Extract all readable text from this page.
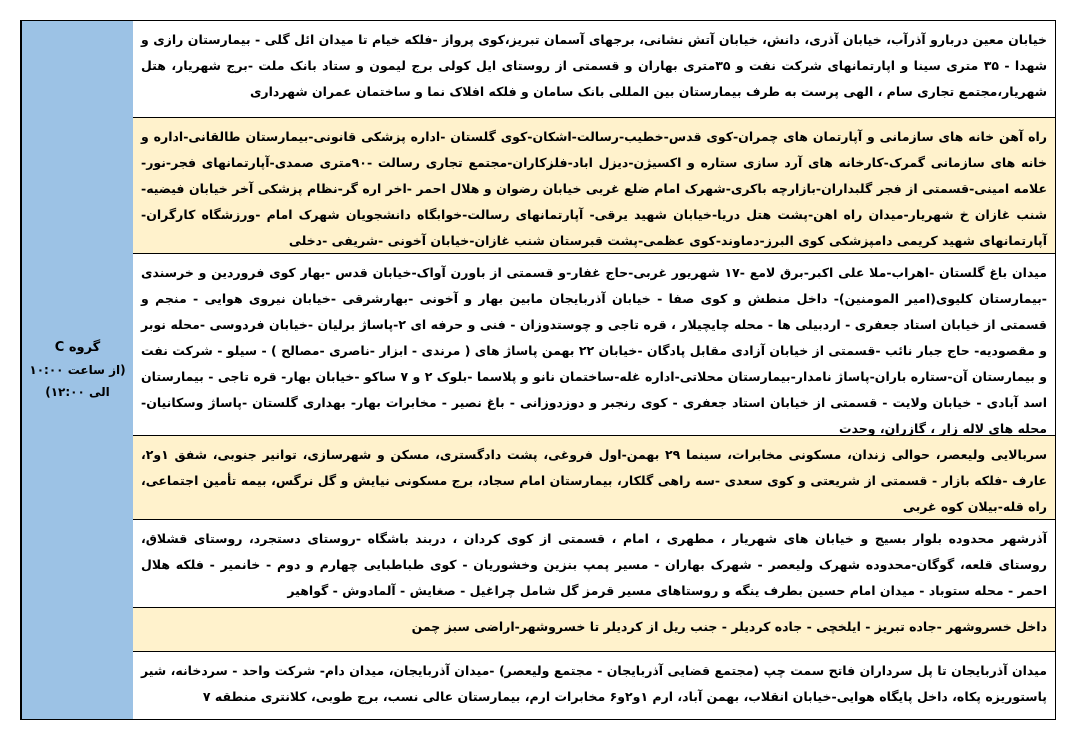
گروه C
(از ساعت ۱۰:۰۰ الی ۱۲:۰۰)
خیابان معین دربارو آذرآب، خیابان آذری، دانش، خیابان آتش نشانی، برجهای آسمان تبریز،کوی پرواز -فلکه خیام تا میدان ائل گلی - بیمارستان رازی و شهدا - ۳۵ متری سینا و اپارتمانهای شرکت نفت و ۳۵متری بهاران و قسمتی از روستای ایل کولی برج لیمون و ستاد بانک ملت -برج شهریار، هتل شهریار،مجتمع تجاری سام ، الهی پرست به طرف بیمارستان بین المللی بانک سامان و فلکه افلاک نما و ساختمان عمران شهرداری
راه آهن خانه های سازمانی و آپارتمان های چمران-کوی قدس-خطیب-رسالت-اشکان-کوی گلستان -اداره پزشکی قانونی-بیمارستان طالقانی-اداره و خانه های سازمانی گمرک-کارخانه های آرد سازی ستاره و اکسیژن-دیزل اباد-فلزکاران-مجتمع تجاری رسالت -۹۰متری صمدی-آپارتمانهای فجر-نور-علامه امینی-قسمتی از فجر گلبداران-بازارچه باکری-شهرک امام ضلع غربی خیابان رضوان و هلال احمر -اخر اره گر-نظام پزشکی آخر خیابان فیضیه-شنب غازان خ شهریار-میدان راه اهن-پشت هتل دریا-خیابان شهید یرقی- آپارتمانهای رسالت-خوابگاه دانشجویان شهرک امام -ورزشگاه کارگران-آپارتمانهای شهید کریمی دامپزشکی کوی البرز-دماوند-کوی عظمی-پشت قبرستان شنب غازان-خیابان آخونی -شریفی -دخلی
میدان باغ گلستان -اهراب-ملا علی اکبر-برق لامع -۱۷ شهریور غربی-حاج غفار-و قسمتی از باورن آواک-خیابان قدس -بهار کوی فروردین و خرسندی -بیمارستان کلیوی(امیر المومنین)- داخل منطش و کوی صفا - خیابان آذربایجان مابین بهار و آخونی -بهارشرقی -خیابان نیروی هوایی - منجم و قسمتی از خیابان استاد جعفری - اردبیلی ها - محله چایچیلار ، قره تاجی و چوستدوزان - فنی و حرفه ای ۲-پاساژ برلیان -خیابان فردوسی -محله نوبر و مقصودیه- حاج جبار نائب -قسمتی از خیابان آزادی مقابل پادگان -خیابان ۲۲ بهمن پاساژ های ( مرندی - ابزار -ناصری -مصالح ) - سیلو - شرکت نفت و بیمارستان آن-ستاره باران-پاساژ نامدار-بیمارستان محلاتی-اداره غله-ساختمان نانو و پلاسما -بلوک ۲ و ۷ ساکو -خیابان بهار- قره تاجی - بیمارستان اسد آبادی - خیابان ولایت - قسمتی از خیابان استاد جعفری - کوی رنجبر و دوزدوزانی - باغ نصیر - مخابرات بهار- بهداری گلستان -پاساژ وسکانیان-محله های لاله زار ، گازران، وحدت
سربالایی ولیعصر، حوالی زندان، مسکونی مخابرات، سینما ۲۹ بهمن-اول فروغی، پشت دادگستری، مسکن و شهرسازی، توانیر جنوبی، شفق ۱و۲، عارف -فلکه بازار - قسمتی از شریعتی و کوی سعدی -سه راهی گلکار، بیمارستان امام سجاد، برج مسکونی نیایش و گل نرگس، بیمه تأمین اجتماعی، راه قله-بیلان کوه غربی
آذرشهر محدوده بلوار بسیج و خیابان های شهریار ، مطهری ، امام ، قسمتی از کوی کردان ، دربند باشگاه -روستای دستجرد، روستای قشلاق، روستای قلعه، گوگان-محدوده شهرک ولیعصر - شهرک بهاران - مسیر پمپ بنزین وخشوریان - کوی طباطبایی چهارم و دوم - خانمیر - فلکه هلال احمر - محله ستوباد - میدان امام حسین بطرف ینگه و روستاهای مسیر قرمز گل شامل چراغیل - صغایش - آلمادوش - گواهیر
داخل خسروشهر -جاده تبریز - ایلخچی - جاده کردیلر - جنب ریل از کردیلر تا خسروشهر-اراضی سبز چمن
میدان آذربایجان تا پل سرداران فاتح سمت چپ (مجتمع قضایی آذربایجان - مجتمع ولیعصر) -میدان آذربایجان، میدان دام- شرکت واحد - سردخانه، شیر پاستوریزه پکاه، داخل پایگاه هوایی-خیابان انقلاب، بهمن آباد، ارم ۱و۲و۶ مخابرات ارم، بیمارستان عالی نسب، برج طوبی، کلانتری منطقه ۷
